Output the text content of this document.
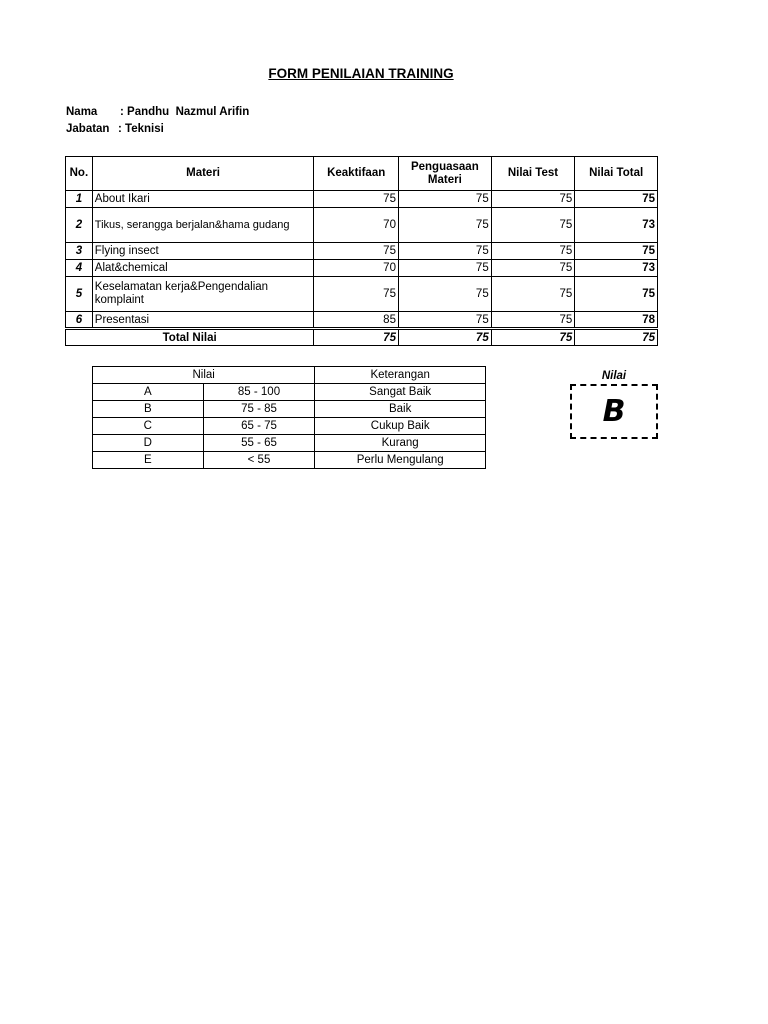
FORM PENILAIAN TRAINING
Nama : Pandhu  Nazmul Arifin
Jabatan : Teknisi
No.	Materi	Keaktifaan	Penguasaan Materi	Nilai Test	Nilai Total
1	About Ikari	75	75	75	75
2	Tikus, serangga berjalan&hama gudang	70	75	75	73
3	Flying insect	75	75	75	75
4	Alat&chemical	70	75	75	73
5	Keselamatan kerja&Pengendalian komplaint	75	75	75	75
6	Presentasi	85	75	75	78
Total Nilai		75	75	75	75
Nilai		Keterangan
A	85 - 100	Sangat Baik
B	75 - 85	Baik
C	65 - 75	Cukup Baik
D	55 - 65	Kurang
E	< 55	Perlu Mengulang
Nilai
B
